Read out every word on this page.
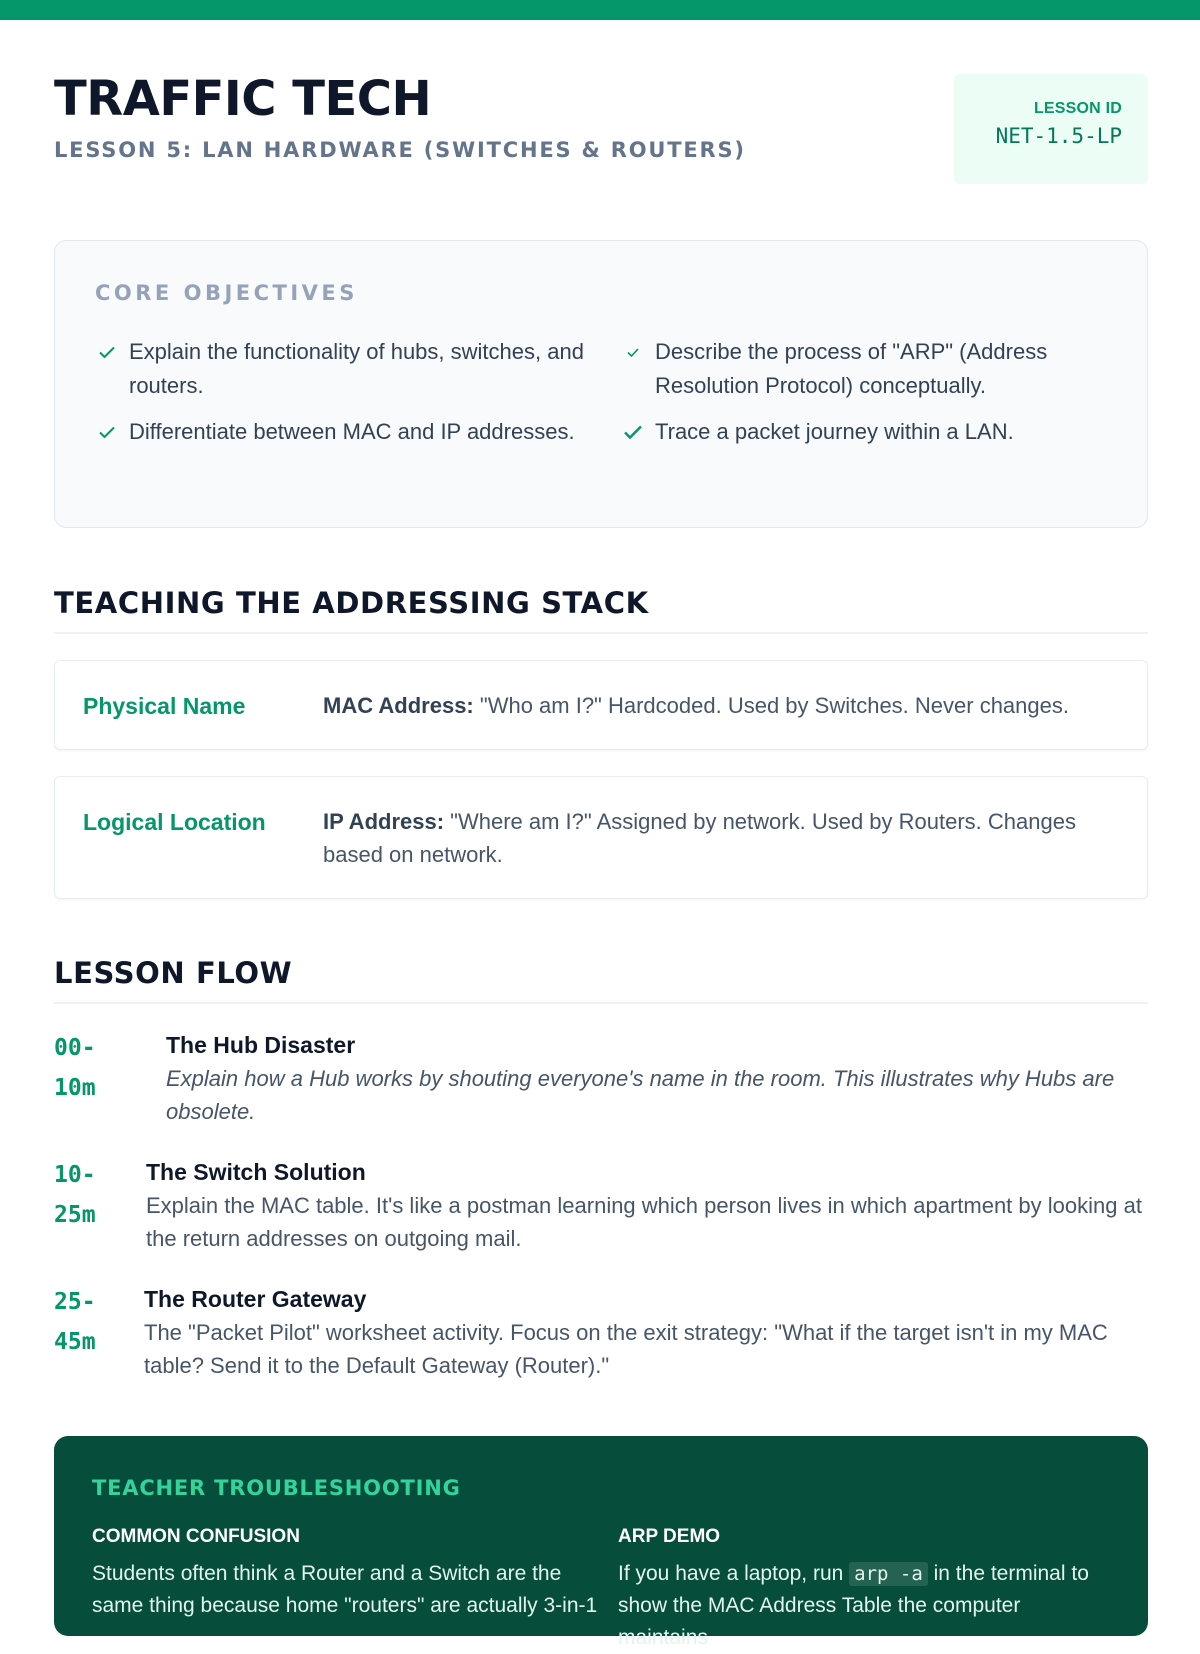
TRAFFIC TECH
LESSON 5: LAN HARDWARE (SWITCHES & ROUTERS)
LESSON ID
NET-1.5-LP
CORE OBJECTIVES
Explain the functionality of hubs, switches, and routers.
Describe the process of "ARP" (Address Resolution Protocol) conceptually.
Differentiate between MAC and IP addresses.	Trace a packet journey within a LAN.
TEACHING THE ADDRESSING STACK
Physical Name	MAC Address: "Who am I?" Hardcoded. Used by Switches. Never changes.
Logical Location	IP Address: "Where am I?" Assigned by network. Used by Routers. Changes based on network.
LESSON FLOW
00-10m
The Hub Disaster
Explain how a Hub works by shouting everyone's name in the room. This illustrates why Hubs are obsolete.
10-25m
The Switch Solution
Explain the MAC table. It's like a postman learning which person lives in which apartment by looking at the return addresses on outgoing mail.
25-45m
The Router Gateway
The "Packet Pilot" worksheet activity. Focus on the exit strategy: "What if the target isn't in my MAC table? Send it to the Default Gateway (Router)."
TEACHER TROUBLESHOOTING
COMMON CONFUSION
Students often think a Router and a Switch are the same thing because home "routers" are actually 3-in-1
ARP DEMO
If you have a laptop, run arp -a in the terminal to show the MAC Address Table the computer maintains
